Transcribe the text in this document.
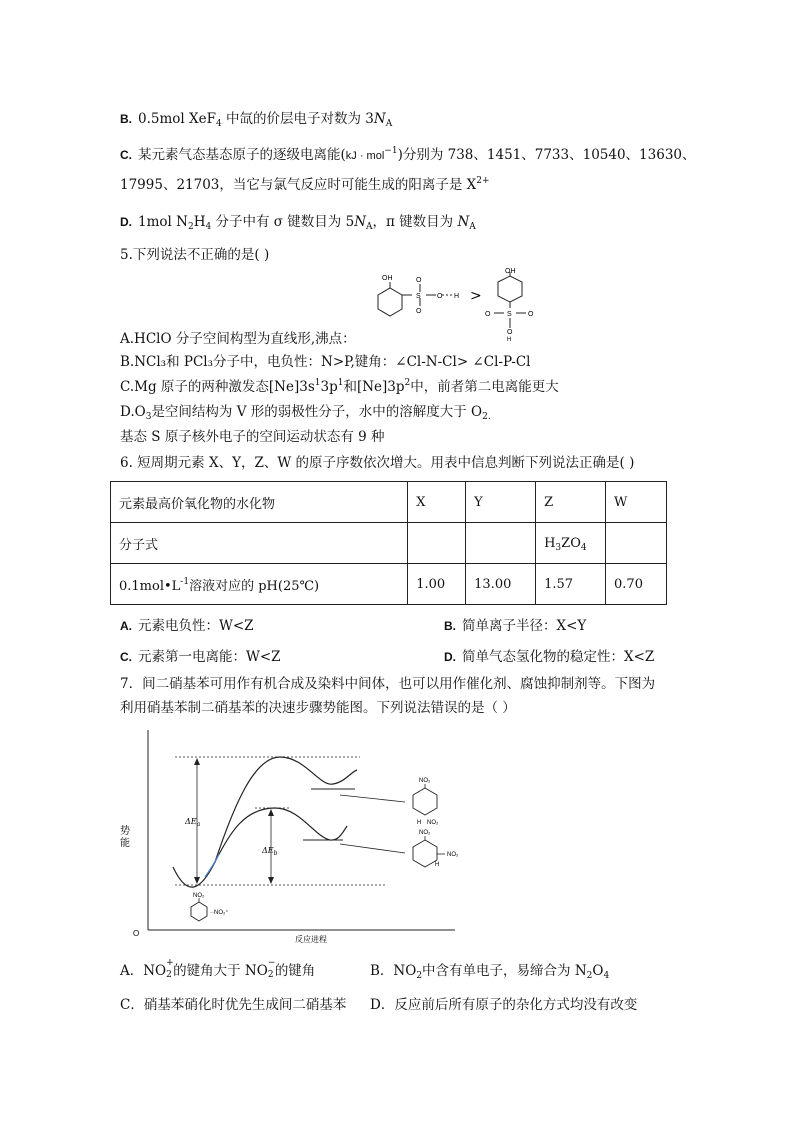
B. 0.5mol XeF$_4$ 中氙的价层电子对数为 $3N_A$
C. 某元素气态基态原子的逐级电离能(kJ · mol$^{-1}$)分别为 738、1451、7733、10540、13630、
17995、21703，当它与氯气反应时可能生成的阳离子是 $X^{2+}$
D. 1mol $N_2H_4$ 分子中有 σ 键数目为 $5N_A$，π 键数目为 $N_A$
5.下列说法不正确的是( )
OH
S
O
O
O H >
OH
O S O
O
H
A.HClO 分子空间构型为直线形,沸点：
B.NCl₃和 PCl₃分子中，电负性：N>P,键角：∠Cl-N-Cl> ∠Cl-P-Cl
C.Mg 原子的两种激发态$[Ne]3s^13p^1$和$[Ne]3p^2$中，前者第二电离能更大
$D.O_3$是空间结构为 V 形的弱极性分子，水中的溶解度大于 $O_{2.}$
基态 S 原子核外电子的空间运动状态有 9 种
6. 短周期元素 X、Y，Z、W 的原子序数依次增大。用表中信息判断下列说法正确是( )
元素最高价氧化物的水化物	X	Y	Z	W
分子式			$H_3ZO_4$	
$0.1mol•L^{-1}$溶液对应的 pH(25℃)	1.00	13.00	1.57	0.70
A. 元素电负性：W<Z	B. 简单离子半径：X<Y
C. 元素第一电离能：W<Z	D. 简单气态氢化物的稳定性：X<Z
7．间二硝基苯可用作有机合成及染料中间体，也可以用作催化剂、腐蚀抑制剂等。下图为
利用硝基苯制二硝基苯的决速步骤势能图。下列说法错误的是（ ）
O
势
能
反应进程
$\Delta E_a$
$\Delta E_b$
NO₂
··NO₂⁺
NO₂
H NO₂
NO₂
NO₂
H
A．NO +
2 的键角大于 NO −
2 的键角	B．$NO_2$中含有单电子，易缔合为 $N_2O_4$
C．硝基苯硝化时优先生成间二硝基苯 D．反应前后所有原子的杂化方式均没有改变
